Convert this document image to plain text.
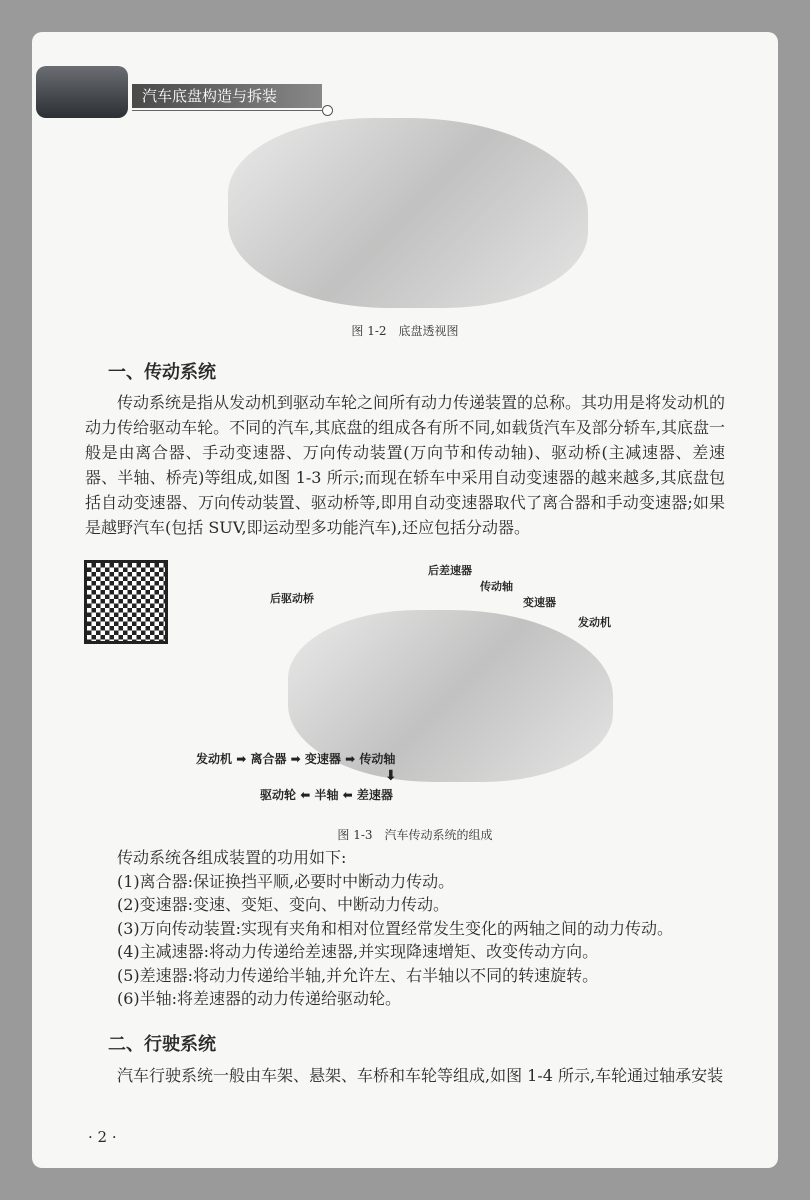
汽车底盘构造与拆装
图 1-2　底盘透视图
一、传动系统
传动系统是指从发动机到驱动车轮之间所有动力传递装置的总称。其功用是将发动机的动力传给驱动车轮。不同的汽车,其底盘的组成各有所不同,如载货汽车及部分轿车,其底盘一般是由离合器、手动变速器、万向传动装置(万向节和传动轴)、驱动桥(主减速器、差速器、半轴、桥壳)等组成,如图 1-3 所示;而现在轿车中采用自动变速器的越来越多,其底盘包括自动变速器、万向传动装置、驱动桥等,即用自动变速器取代了离合器和手动变速器;如果是越野汽车(包括 SUV,即运动型多功能汽车),还应包括分动器。
后差速器
传动轴
后驱动桥	变速器
发动机
发动机 ➡ 离合器 ➡ 变速器 ➡ 传动轴
⬇
驱动轮 ⬅ 半轴 ⬅ 差速器
图 1-3　汽车传动系统的组成
传动系统各组成装置的功用如下:
(1)离合器:保证换挡平顺,必要时中断动力传动。
(2)变速器:变速、变矩、变向、中断动力传动。
(3)万向传动装置:实现有夹角和相对位置经常发生变化的两轴之间的动力传动。
(4)主减速器:将动力传递给差速器,并实现降速增矩、改变传动方向。
(5)差速器:将动力传递给半轴,并允许左、右半轴以不同的转速旋转。
(6)半轴:将差速器的动力传递给驱动轮。
二、行驶系统
汽车行驶系统一般由车架、悬架、车桥和车轮等组成,如图 1-4 所示,车轮通过轴承安装
· 2 ·
